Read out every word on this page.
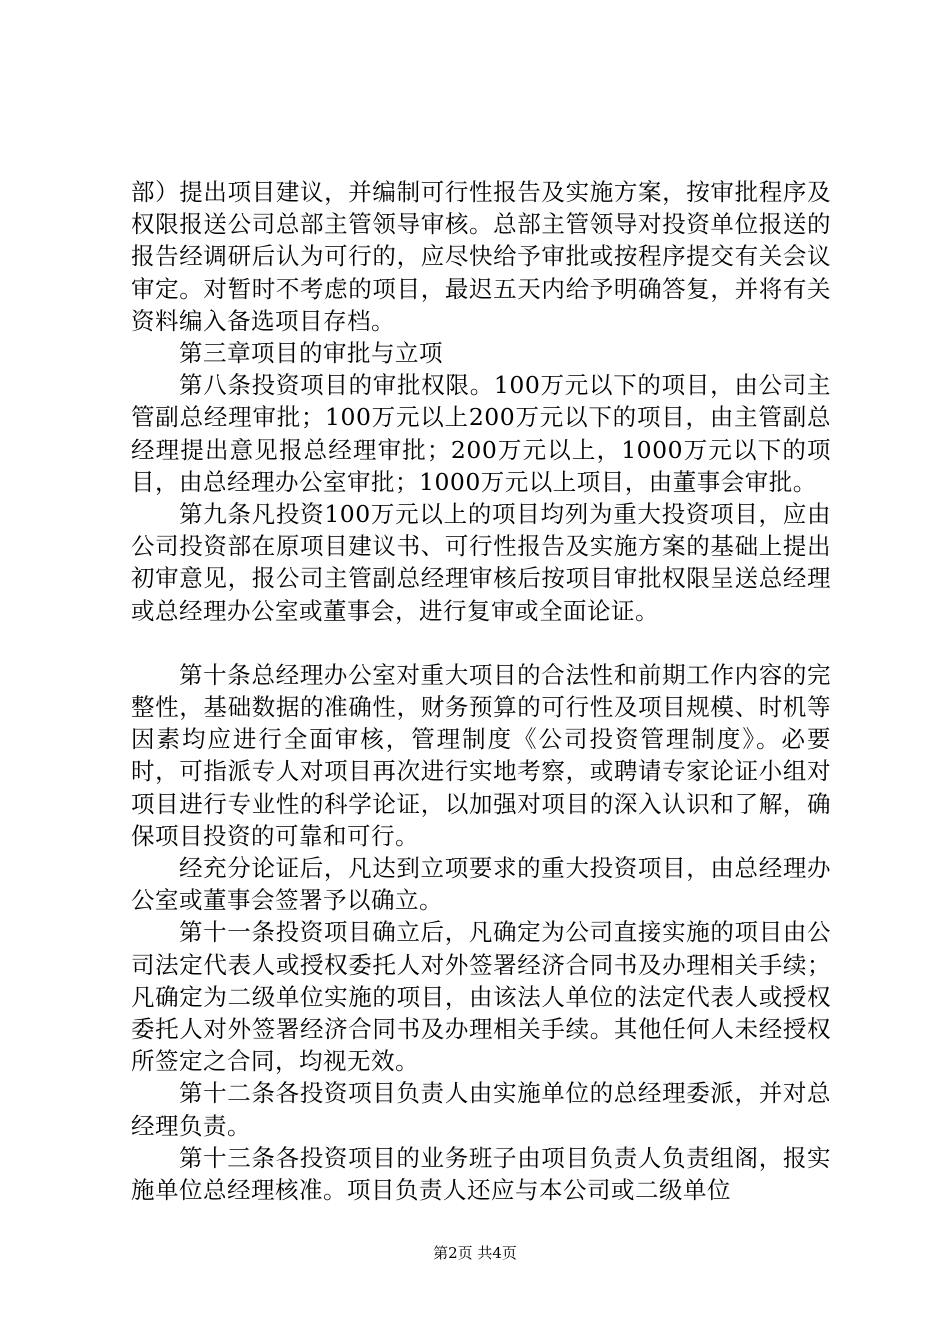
部）提出项目建议，并编制可行性报告及实施方案，按审批程序及权限报送公司总部主管领导审核。总部主管领导对投资单位报送的报告经调研后认为可行的，应尽快给予审批或按程序提交有关会议审定。对暂时不考虑的项目，最迟五天内给予明确答复，并将有关资料编入备选项目存档。

第三章项目的审批与立项

第八条投资项目的审批权限。100万元以下的项目，由公司主管副总经理审批；100万元以上200万元以下的项目，由主管副总经理提出意见报总经理审批；200万元以上，1000万元以下的项目，由总经理办公室审批；1000万元以上项目，由董事会审批。

第九条凡投资100万元以上的项目均列为重大投资项目，应由公司投资部在原项目建议书、可行性报告及实施方案的基础上提出初审意见，报公司主管副总经理审核后按项目审批权限呈送总经理或总经理办公室或董事会，进行复审或全面论证。

第十条总经理办公室对重大项目的合法性和前期工作内容的完整性，基础数据的准确性，财务预算的可行性及项目规模、时机等因素均应进行全面审核，管理制度《公司投资管理制度》。必要时，可指派专人对项目再次进行实地考察，或聘请专家论证小组对项目进行专业性的科学论证，以加强对项目的深入认识和了解，确保项目投资的可靠和可行。

经充分论证后，凡达到立项要求的重大投资项目，由总经理办公室或董事会签署予以确立。

第十一条投资项目确立后，凡确定为公司直接实施的项目由公司法定代表人或授权委托人对外签署经济合同书及办理相关手续；凡确定为二级单位实施的项目，由该法人单位的法定代表人或授权委托人对外签署经济合同书及办理相关手续。其他任何人未经授权所签定之合同，均视无效。

第十二条各投资项目负责人由实施单位的总经理委派，并对总经理负责。

第十三条各投资项目的业务班子由项目负责人负责组阁，报实施单位总经理核准。项目负责人还应与本公司或二级单位

第2页 共4页
